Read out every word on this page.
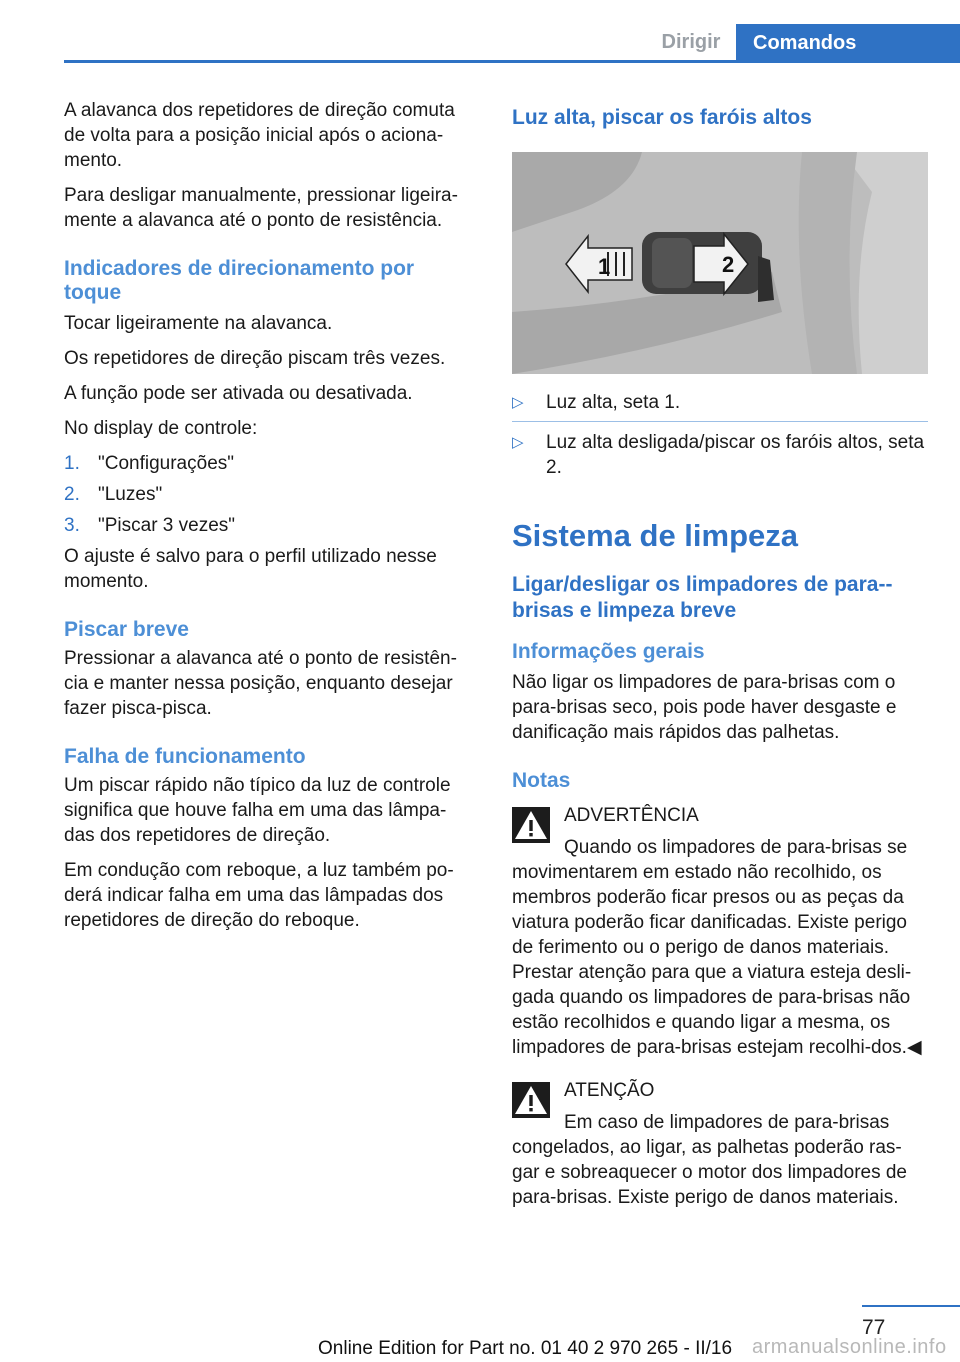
Dirigir	Comandos

A alavanca dos repetidores de direção comuta de volta para a posição inicial após o aciona-mento.

Para desligar manualmente, pressionar ligeira-mente a alavanca até o ponto de resistência.

Indicadores de direcionamento por toque

Tocar ligeiramente na alavanca.

Os repetidores de direção piscam três vezes.

A função pode ser ativada ou desativada.

No display de controle:

1. "Configurações"
2. "Luzes"
3. "Piscar 3 vezes"

O ajuste é salvo para o perfil utilizado nesse momento.

Piscar breve

Pressionar a alavanca até o ponto de resistên-cia e manter nessa posição, enquanto desejar fazer pisca-pisca.

Falha de funcionamento

Um piscar rápido não típico da luz de controle significa que houve falha em uma das lâmpa-das dos repetidores de direção.

Em condução com reboque, a luz também po-derá indicar falha em uma das lâmpadas dos repetidores de direção do reboque.

Luz alta, piscar os faróis altos
1	2
▷ Luz alta, seta 1.
▷ Luz alta desligada/piscar os faróis altos, seta 2.
Sistema de limpeza
Ligar/desligar os limpadores de para--brisas e limpeza breve
Informações gerais

Não ligar os limpadores de para-brisas com o para-brisas seco, pois pode haver desgaste e danificação mais rápidos das palhetas.

Notas
ADVERTÊNCIA
Quando os limpadores de para-brisas se
movimentarem em estado não recolhido, os membros poderão ficar presos ou as peças da viatura poderão ficar danificadas. Existe perigo de ferimento ou o perigo de danos materiais. Prestar atenção para que a viatura esteja desli-gada quando os limpadores de para-brisas não estão recolhidos e quando ligar a mesma, os limpadores de para-brisas estejam recolhi-dos.◀
ATENÇÃO
Em caso de limpadores de para-brisas
congelados, ao ligar, as palhetas poderão ras-gar e sobreaquecer o motor dos limpadores de para-brisas. Existe perigo de danos materiais.
77
Online Edition for Part no. 01 40 2 970 265 - II/16 armanualsonline.info
